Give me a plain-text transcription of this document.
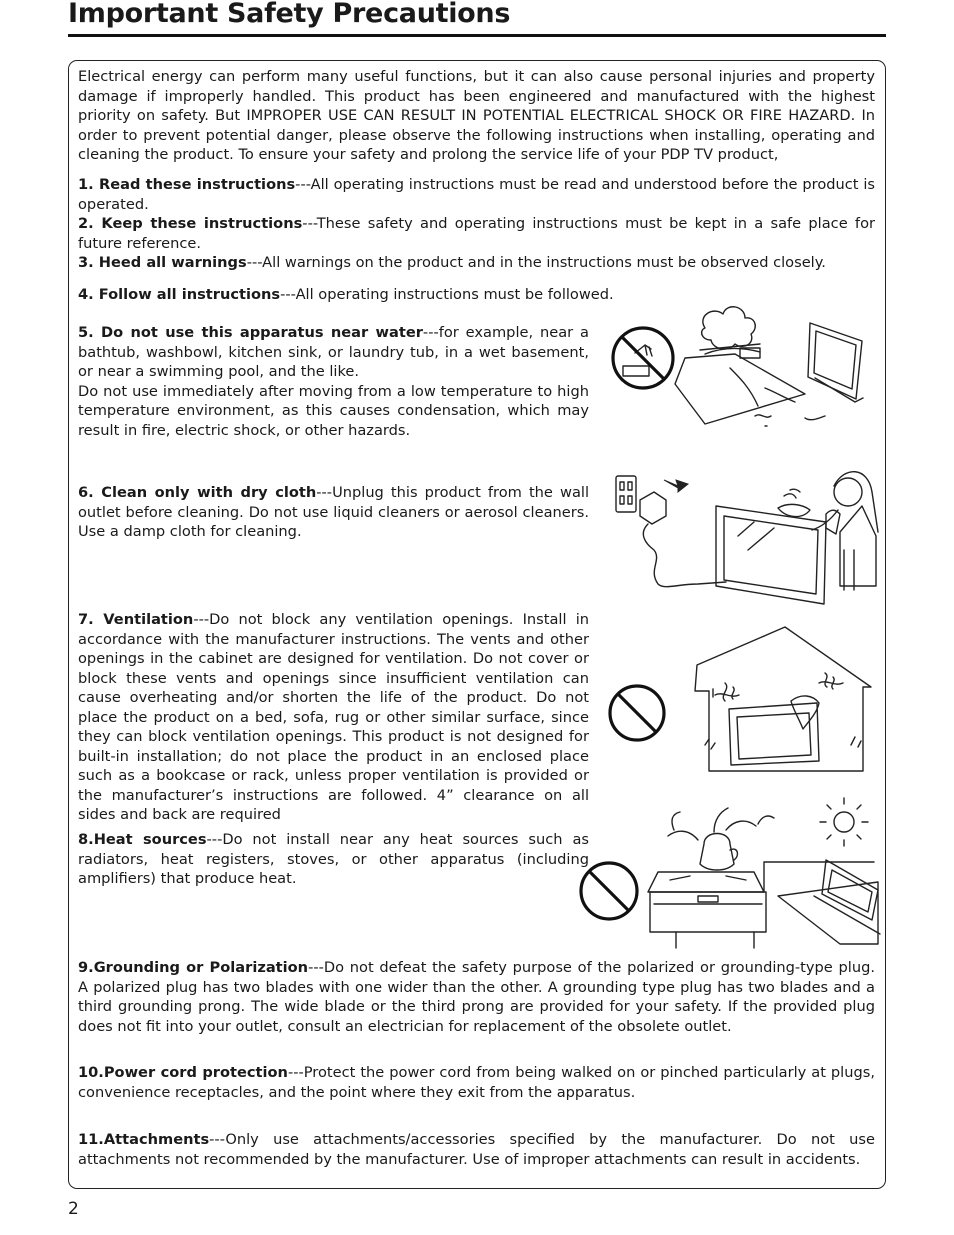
Important Safety Precautions

Electrical energy can perform many useful functions, but it can also cause personal injuries and property damage if improperly handled. This product has been engineered and manufactured with the highest priority on safety. But IMPROPER USE CAN RESULT IN POTENTIAL ELECTRICAL SHOCK OR FIRE HAZARD. In order to prevent potential danger, please observe the following instructions when installing, operating and cleaning the product. To ensure your safety and prolong the service life of your PDP TV product,

1. Read these instructions---All operating instructions must be read and understood before the product is operated.

2. Keep these instructions---These safety and operating instructions must be kept in a safe place for future reference.

3. Heed all warnings---All warnings on the product and in the instructions must be observed closely.

4. Follow all instructions---All operating instructions must be followed.

5. Do not use this apparatus near water---for example, near a bathtub, washbowl, kitchen sink, or laundry tub, in a wet basement, or near a swimming pool, and the like.
Do not use immediately after moving from a low temperature to high temperature environment, as this causes condensation, which may result in fire, electric shock, or other hazards.

6. Clean only with dry cloth---Unplug this product from the wall outlet before cleaning. Do not use liquid cleaners or aerosol cleaners. Use a damp cloth for cleaning.

7. Ventilation---Do not block any ventilation openings. Install in accordance with the manufacturer instructions. The vents and other openings in the cabinet are designed for ventilation. Do not cover or block these vents and openings since insufficient ventilation can cause overheating and/or shorten the life of the product. Do not place the product on a bed, sofa, rug or other similar surface, since they can block ventilation openings. This product is not designed for built-in installation; do not place the product in an enclosed place such as a bookcase or rack, unless proper ventilation is provided or the manufacturer’s instructions are followed. 4” clearance on all sides and back are required

8.Heat sources---Do not install near any heat sources such as radiators, heat registers, stoves, or other apparatus (including amplifiers) that produce heat.

9.Grounding or Polarization---Do not defeat the safety purpose of the polarized or grounding-type plug. A polarized plug has two blades with one wider than the other. A grounding type plug has two blades and a third grounding prong. The wide blade or the third prong are provided for your safety. If the provided plug does not fit into your outlet, consult an electrician for replacement of the obsolete outlet.

10.Power cord protection---Protect the power cord from being walked on or pinched particularly at plugs, convenience receptacles, and the point where they exit from the apparatus.

11.Attachments---Only use attachments/accessories specified by the manufacturer. Do not use attachments not recommended by the manufacturer. Use of improper attachments can result in accidents.

2
